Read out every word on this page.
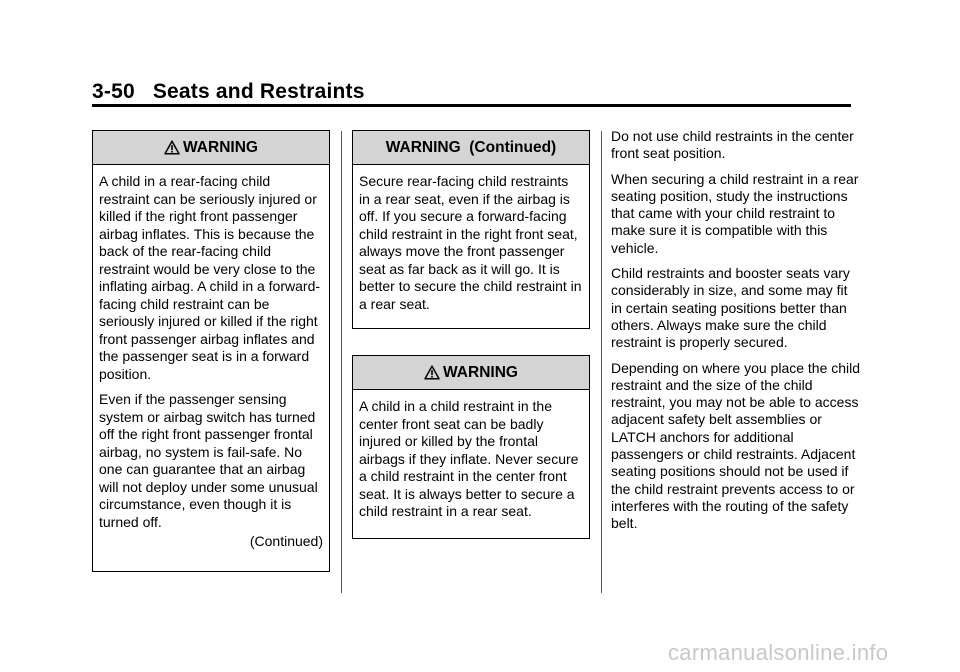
3-50 Seats and Restraints
WARNING

A child in a rear-facing child restraint can be seriously injured or killed if the right front passenger airbag inflates. This is because the back of the rear-facing child restraint would be very close to the inflating airbag. A child in a forward-facing child restraint can be seriously injured or killed if the right front passenger airbag inflates and the passenger seat is in a forward position.

Even if the passenger sensing system or airbag switch has turned off the right front passenger frontal airbag, no system is fail-safe. No one can guarantee that an airbag will not deploy under some unusual circumstance, even though it is turned off.

(Continued)
WARNING  (Continued)

Secure rear-facing child restraints in a rear seat, even if the airbag is off. If you secure a forward-facing child restraint in the right front seat, always move the front passenger seat as far back as it will go. It is better to secure the child restraint in a rear seat.

WARNING

A child in a child restraint in the center front seat can be badly injured or killed by the frontal airbags if they inflate. Never secure a child restraint in the center front seat. It is always better to secure a child restraint in a rear seat.

Do not use child restraints in the center front seat position.

When securing a child restraint in a rear seating position, study the instructions that came with your child restraint to make sure it is compatible with this vehicle.

Child restraints and booster seats vary considerably in size, and some may fit in certain seating positions better than others. Always make sure the child restraint is properly secured.

Depending on where you place the child restraint and the size of the child restraint, you may not be able to access adjacent safety belt assemblies or LATCH anchors for additional passengers or child restraints. Adjacent seating positions should not be used if the child restraint prevents access to or interferes with the routing of the safety belt.

carmanualsonline.info
